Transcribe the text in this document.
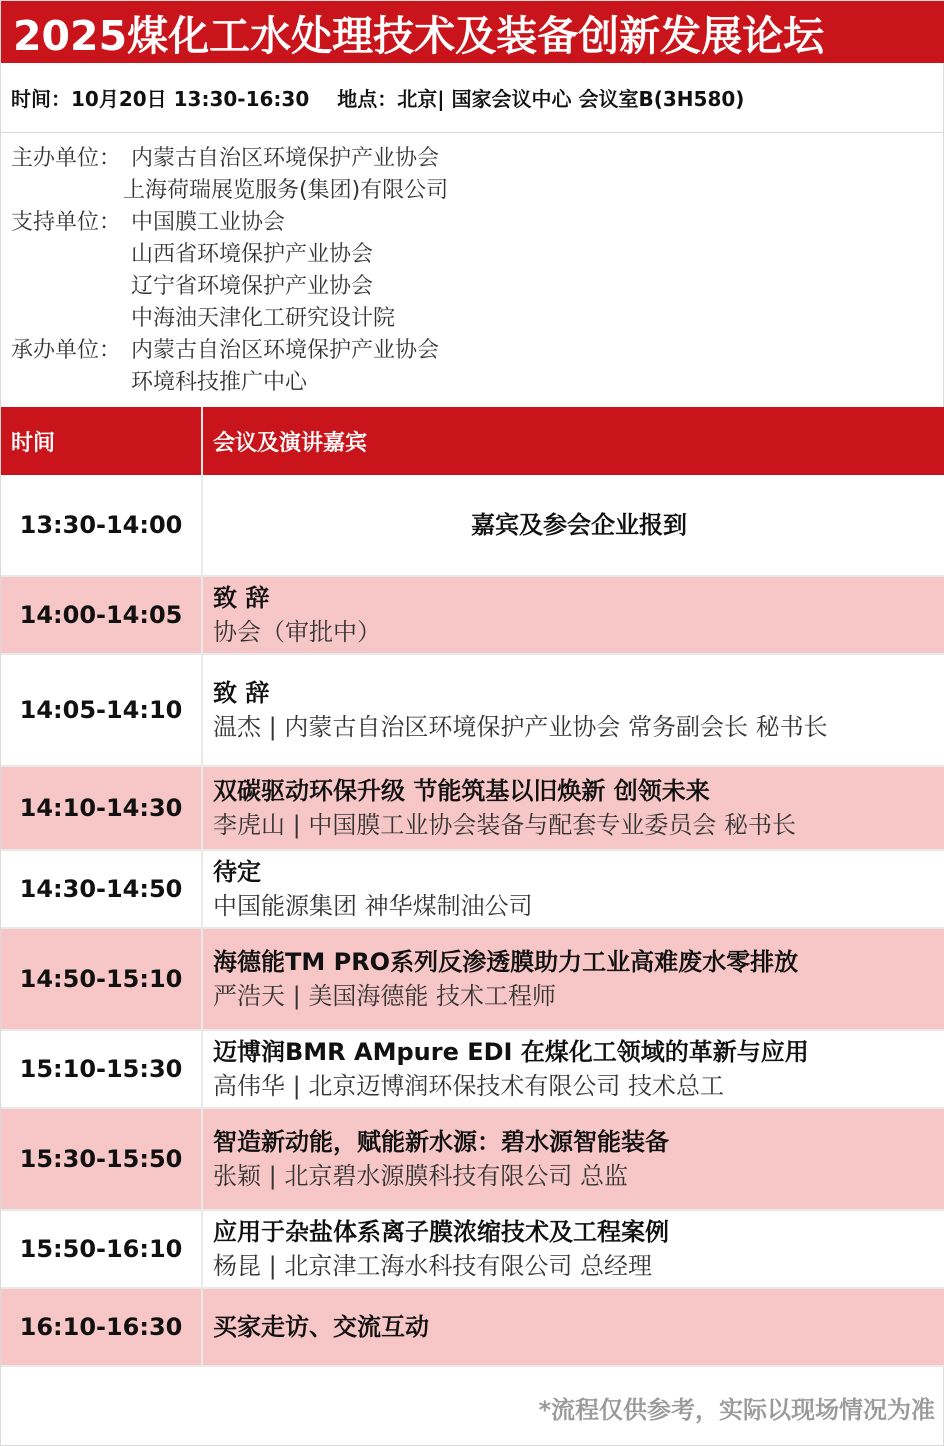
2025煤化工水处理技术及装备创新发展论坛
时间： 10月20日 13:30-16:30 地点： 北京| 国家会议中心 会议室B(3H580)
主办单位： 内蒙古自治区环境保护产业协会
上海荷瑞展览服务(集团)有限公司
支持单位： 中国膜工业协会
山西省环境保护产业协会
辽宁省环境保护产业协会
中海油天津化工研究设计院
承办单位： 内蒙古自治区环境保护产业协会
环境科技推广中心
时间	会议及演讲嘉宾
13:30-14:00	嘉宾及参会企业报到
14:00-14:05
致 辞
协会（审批中）
14:05-14:10
致 辞
温杰 | 内蒙古自治区环境保护产业协会 常务副会长 秘书长
14:10-14:30
双碳驱动环保升级 节能筑基以旧焕新 创领未来
李虎山 | 中国膜工业协会装备与配套专业委员会 秘书长
14:30-14:50
待定
中国能源集团 神华煤制油公司
14:50-15:10
海德能TM PRO系列反渗透膜助力工业高难废水零排放
严浩天 | 美国海德能 技术工程师
15:10-15:30
迈博润BMR AMpure EDI 在煤化工领域的革新与应用
高伟华 | 北京迈博润环保技术有限公司 技术总工
15:30-15:50
智造新动能，赋能新水源：碧水源智能装备
张颖 | 北京碧水源膜科技有限公司 总监
15:50-16:10
应用于杂盐体系离子膜浓缩技术及工程案例
杨昆 | 北京津工海水科技有限公司 总经理
16:10-16:30	买家走访、交流互动
*流程仅供参考，实际以现场情况为准
